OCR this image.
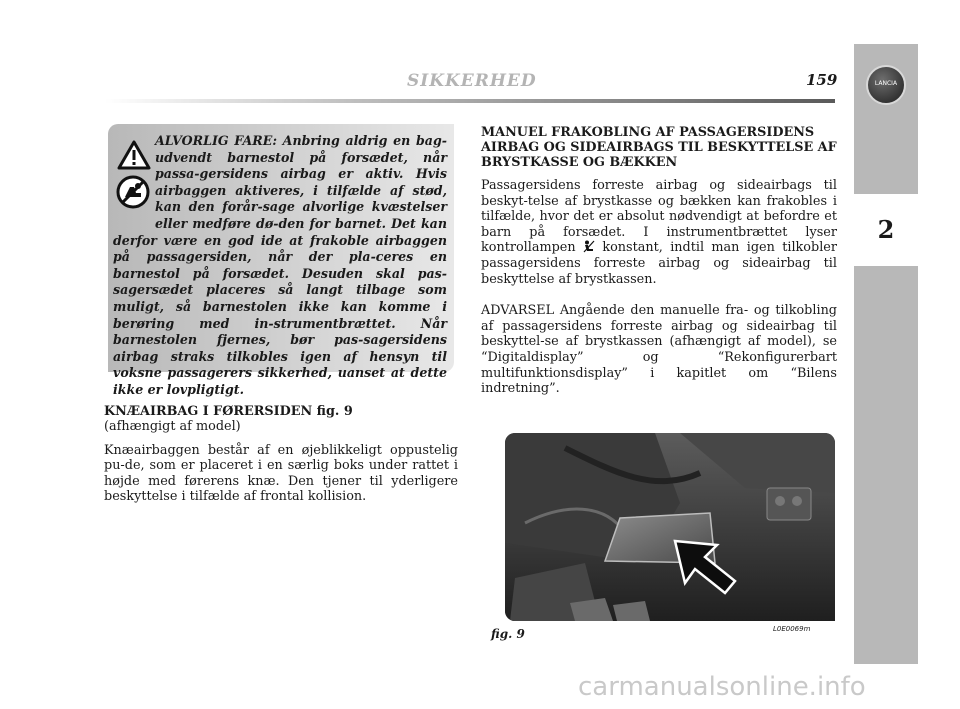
LANCIA
2
SIKKERHED	159

ALVORLIG FARE: Anbring aldrig en bag-udvendt barnestol på forsædet, når passa-gersidens airbag er aktiv. Hvis airbaggen aktiveres, i tilfælde af stød, kan den forår-sage alvorlige kvæstelser eller medføre dø-den for barnet. Det kan derfor være en god ide at frakoble airbaggen på passagersiden, når der pla-ceres en barnestol på forsædet. Desuden skal pas-sagersædet placeres så langt tilbage som muligt, så barnestolen ikke kan komme i berøring med in-strumentbrættet. Når barnestolen fjernes, bør pas-sagersidens airbag straks tilkobles igen af hensyn til voksne passagerers sikkerhed, uanset at dette ikke er lovpligtigt.

KNÆAIRBAG I FØRERSIDEN fig. 9

(afhængigt af model)

Knæairbaggen består af en øjeblikkeligt oppustelig pu-de, som er placeret i en særlig boks under rattet i højde med førerens knæ. Den tjener til yderligere beskyttelse i tilfælde af frontal kollision.

MANUEL FRAKOBLING AF PASSAGERSIDENS AIRBAG OG SIDEAIRBAGS TIL BESKYTTELSE AF BRYSTKASSE OG BÆKKEN

Passagersidens forreste airbag og sideairbags til beskyt-telse af brystkasse og bækken kan frakobles i tilfælde, hvor det er absolut nødvendigt at befordre et barn på forsædet. I instrumentbrættet lyser kontrollampen  konstant, indtil man igen tilkobler passagersidens forreste airbag og sideairbag til beskyttelse af brystkassen.

ADVARSEL Angående den manuelle fra- og tilkobling af passagersidens forreste airbag og sideairbag til beskyttel-se af brystkassen (afhængigt af model), se “Digitaldisplay” og “Rekonfigurerbart multifunktionsdisplay” i kapitlet om “Bilens indretning”.

fig. 9	L0E0069m
carmanualsonline.info
